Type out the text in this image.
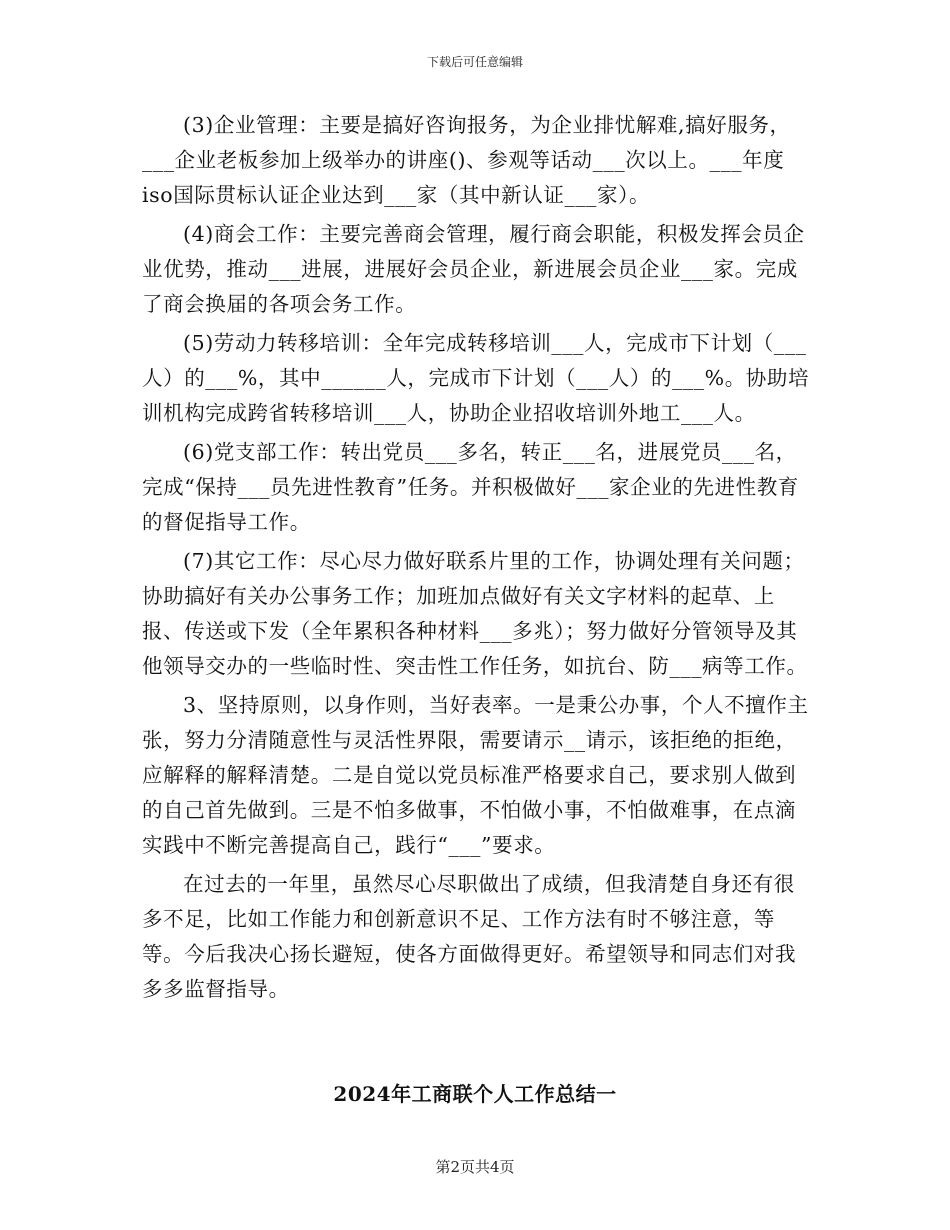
下载后可任意编辑

(3)企业管理：主要是搞好咨询报务，为企业排忧解难,搞好服务，___企业老板参加上级举办的讲座()、参观等话动___次以上。___年度iso国际贯标认证企业达到___家（其中新认证___家）。

(4)商会工作：主要完善商会管理，履行商会职能，积极发挥会员企业优势，推动___进展，进展好会员企业，新进展会员企业___家。完成了商会换届的各项会务工作。

(5)劳动力转移培训：全年完成转移培训___人，完成市下计划（___人）的___%，其中______人，完成市下计划（___人）的___%。协助培训机构完成跨省转移培训___人，协助企业招收培训外地工___人。

(6)党支部工作：转出党员___多名，转正___名，进展党员___名，完成“保持___员先进性教育”任务。并积极做好___家企业的先进性教育的督促指导工作。

(7)其它工作：尽心尽力做好联系片里的工作，协调处理有关问题；协助搞好有关办公事务工作；加班加点做好有关文字材料的起草、上报、传送或下发（全年累积各种材料___多兆）；努力做好分管领导及其他领导交办的一些临时性、突击性工作任务，如抗台、防___病等工作。

3、坚持原则，以身作则，当好表率。一是秉公办事，个人不擅作主张，努力分清随意性与灵活性界限，需要请示__请示，该拒绝的拒绝，应解释的解释清楚。二是自觉以党员标准严格要求自己，要求别人做到的自己首先做到。三是不怕多做事，不怕做小事，不怕做难事，在点滴实践中不断完善提高自己，践行“___”要求。

在过去的一年里，虽然尽心尽职做出了成绩，但我清楚自身还有很多不足，比如工作能力和创新意识不足、工作方法有时不够注意，等等。今后我决心扬长避短，使各方面做得更好。希望领导和同志们对我多多监督指导。

2024年工商联个人工作总结一
第2页共4页
